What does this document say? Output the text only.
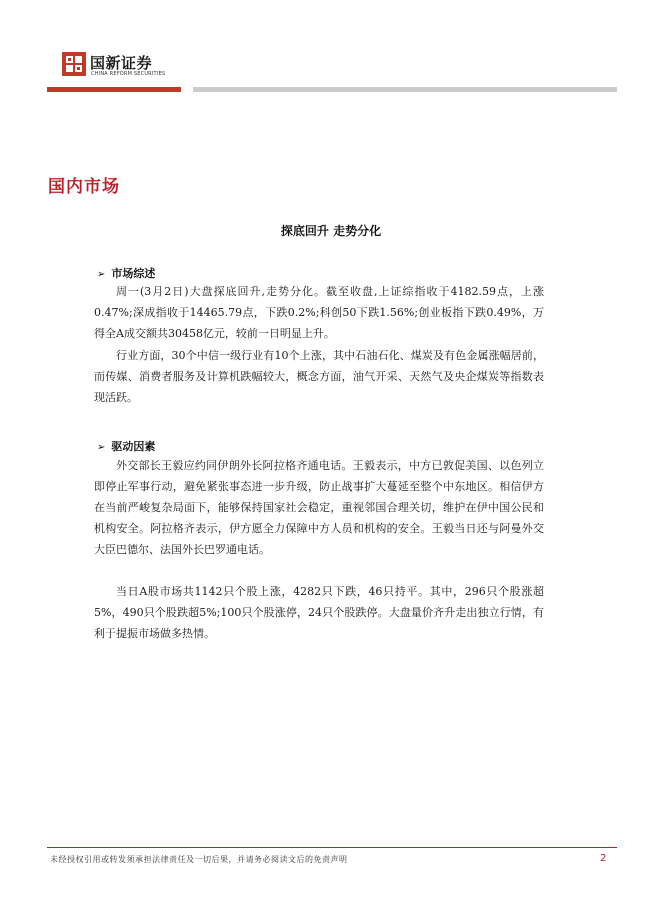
国新证券
CHINA REFORM SECURITIES
国内市场
探底回升 走势分化
➢ 市场综述

周一(3月2日)大盘探底回升,走势分化。截至收盘,上证综指收于4182.59点，上涨0.47%;深成指收于14465.79点，下跌0.2%;科创50下跌1.56%;创业板指下跌0.49%，万得全A成交额共30458亿元，较前一日明显上升。

行业方面，30个中信一级行业有10个上涨，其中石油石化、煤炭及有色金属涨幅居前，而传媒、消费者服务及计算机跌幅较大，概念方面，油气开采、天然气及央企煤炭等指数表现活跃。

➢ 驱动因素

外交部长王毅应约同伊朗外长阿拉格齐通电话。王毅表示，中方已敦促美国、以色列立即停止军事行动，避免紧张事态进一步升级，防止战事扩大蔓延至整个中东地区。相信伊方在当前严峻复杂局面下，能够保持国家社会稳定，重视邻国合理关切，维护在伊中国公民和机构安全。阿拉格齐表示，伊方愿全力保障中方人员和机构的安全。王毅当日还与阿曼外交大臣巴德尔、法国外长巴罗通电话。

当日A股市场共1142只个股上涨，4282只下跌，46只持平。其中，296只个股涨超5%，490只个股跌超5%;100只个股涨停，24只个股跌停。大盘量价齐升走出独立行情，有利于提振市场做多热情。

未经授权引用或转发须承担法律责任及一切后果，并请务必阅读文后的免责声明	2
